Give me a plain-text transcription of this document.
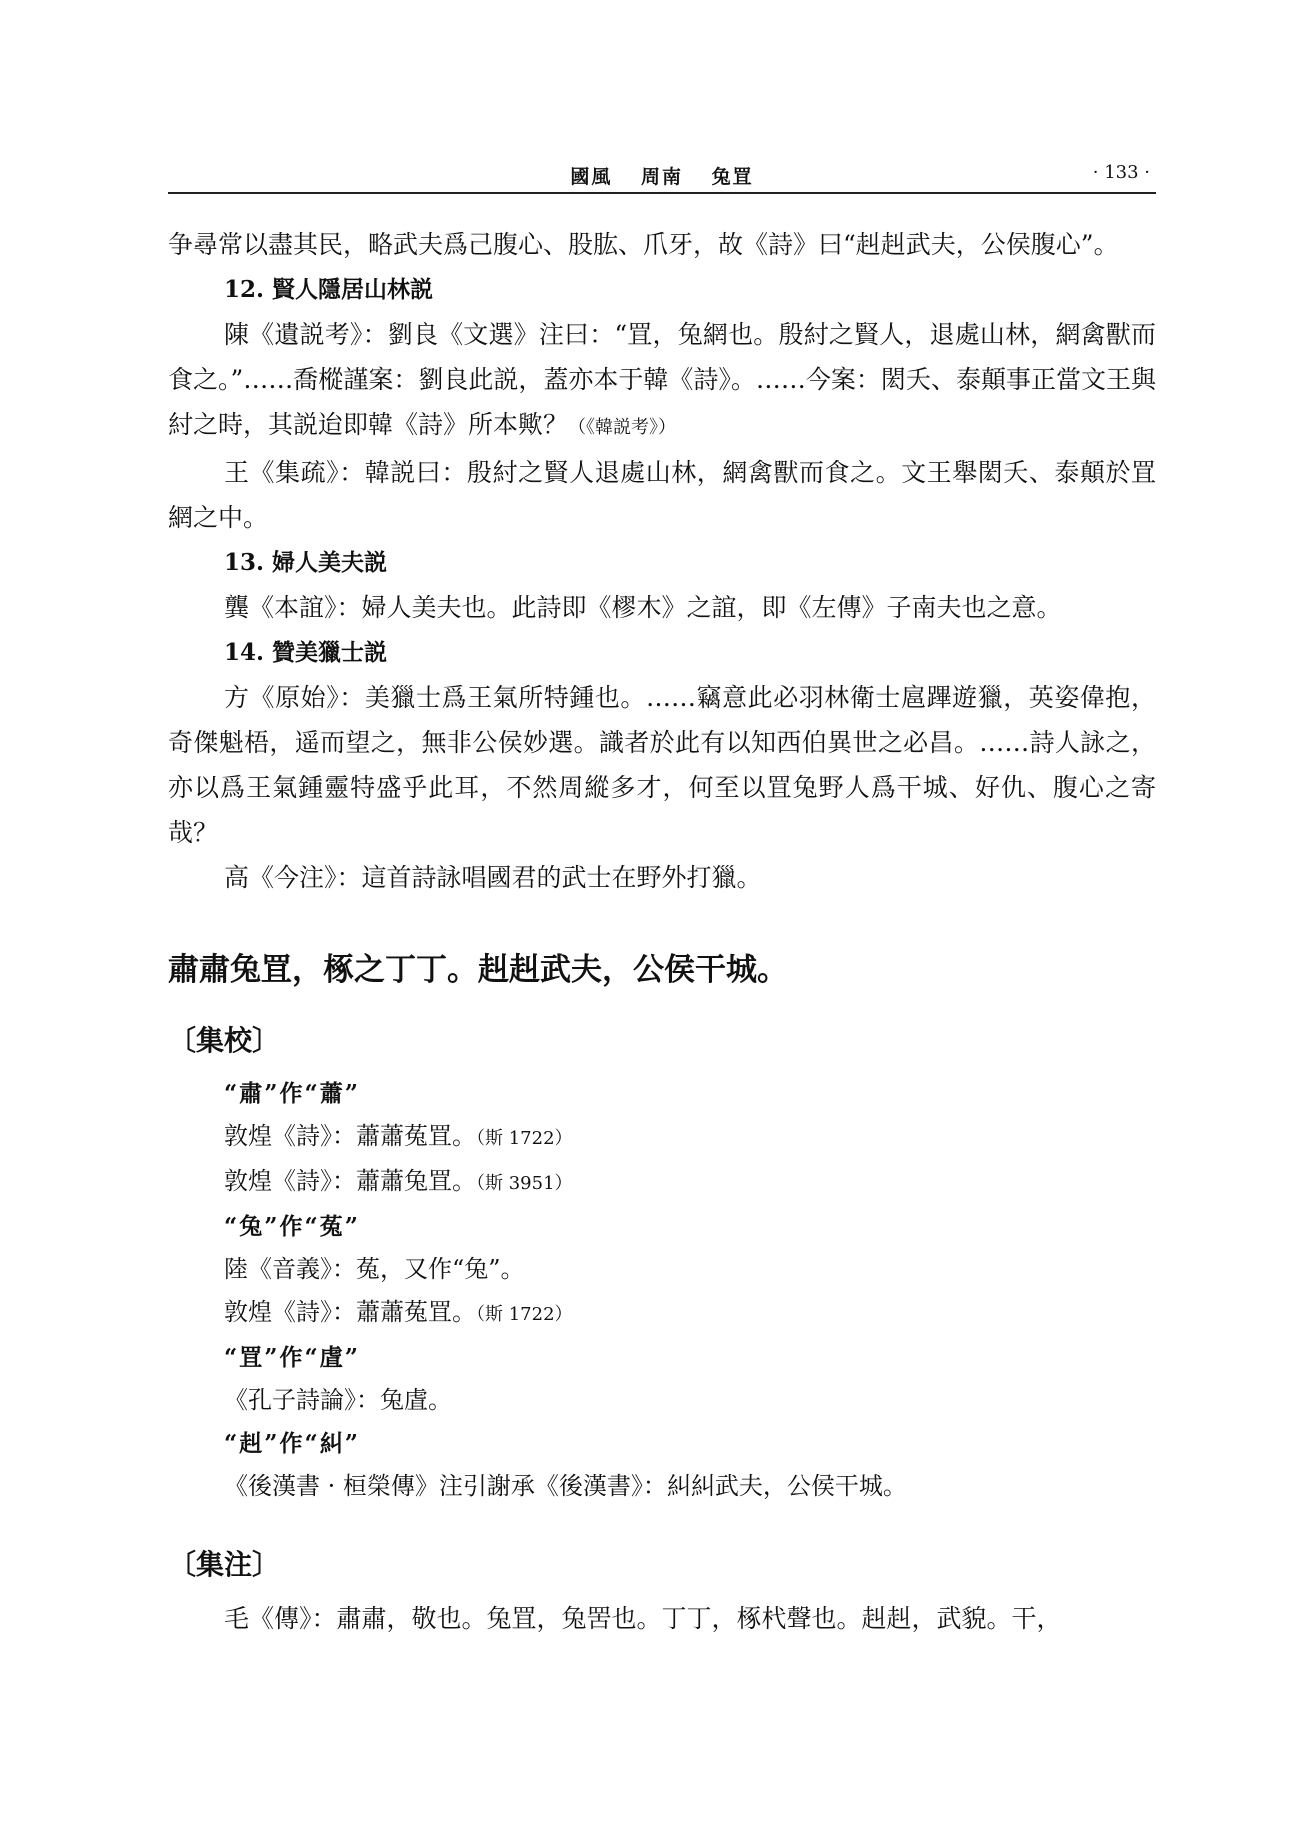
國風 周南 兔罝	· 133 ·

争尋常以盡其民，略武夫爲己腹心、股肱、爪牙，故《詩》曰“赳赳武夫，公侯腹心”。

12. 賢人隱居山林説

陳《遺説考》：劉良《文選》注曰：“罝，兔網也。殷紂之賢人，退處山林，網禽獸而食之。”……喬樅謹案：劉良此説，蓋亦本于韓《詩》。……今案：閎夭、泰顛事正當文王與紂之時，其説迨即韓《詩》所本歟？（《韓説考》）

王《集疏》：韓説曰：殷紂之賢人退處山林，網禽獸而食之。文王舉閎夭、泰顛於罝網之中。

13. 婦人美夫説

龔《本誼》：婦人美夫也。此詩即《樛木》之誼，即《左傳》子南夫也之意。

14. 贊美獵士説

方《原始》：美獵士爲王氣所特鍾也。……竊意此必羽林衛士扈蹕遊獵，英姿偉抱，奇傑魁梧，遥而望之，無非公侯妙選。識者於此有以知西伯異世之必昌。……詩人詠之，亦以爲王氣鍾靈特盛乎此耳，不然周縱多才，何至以罝兔野人爲干城、好仇、腹心之寄哉？

高《今注》：這首詩詠唱國君的武士在野外打獵。

肅肅兔罝，椓之丁丁。赳赳武夫，公侯干城。

〔集校〕

“肅”作“蕭”

敦煌《詩》：蕭蕭菟罝。（斯 1722）

敦煌《詩》：蕭蕭兔罝。（斯 3951）

“兔”作“菟”

陸《音義》：菟，又作“兔”。

敦煌《詩》：蕭蕭菟罝。（斯 1722）

“罝”作“虘”

《孔子詩論》：兔虘。

“赳”作“糾”

《後漢書 · 桓榮傳》注引謝承《後漢書》：糾糾武夫，公侯干城。

〔集注〕

毛《傳》：肅肅，敬也。兔罝，兔罟也。丁丁，椓杙聲也。赳赳，武貌。干，
